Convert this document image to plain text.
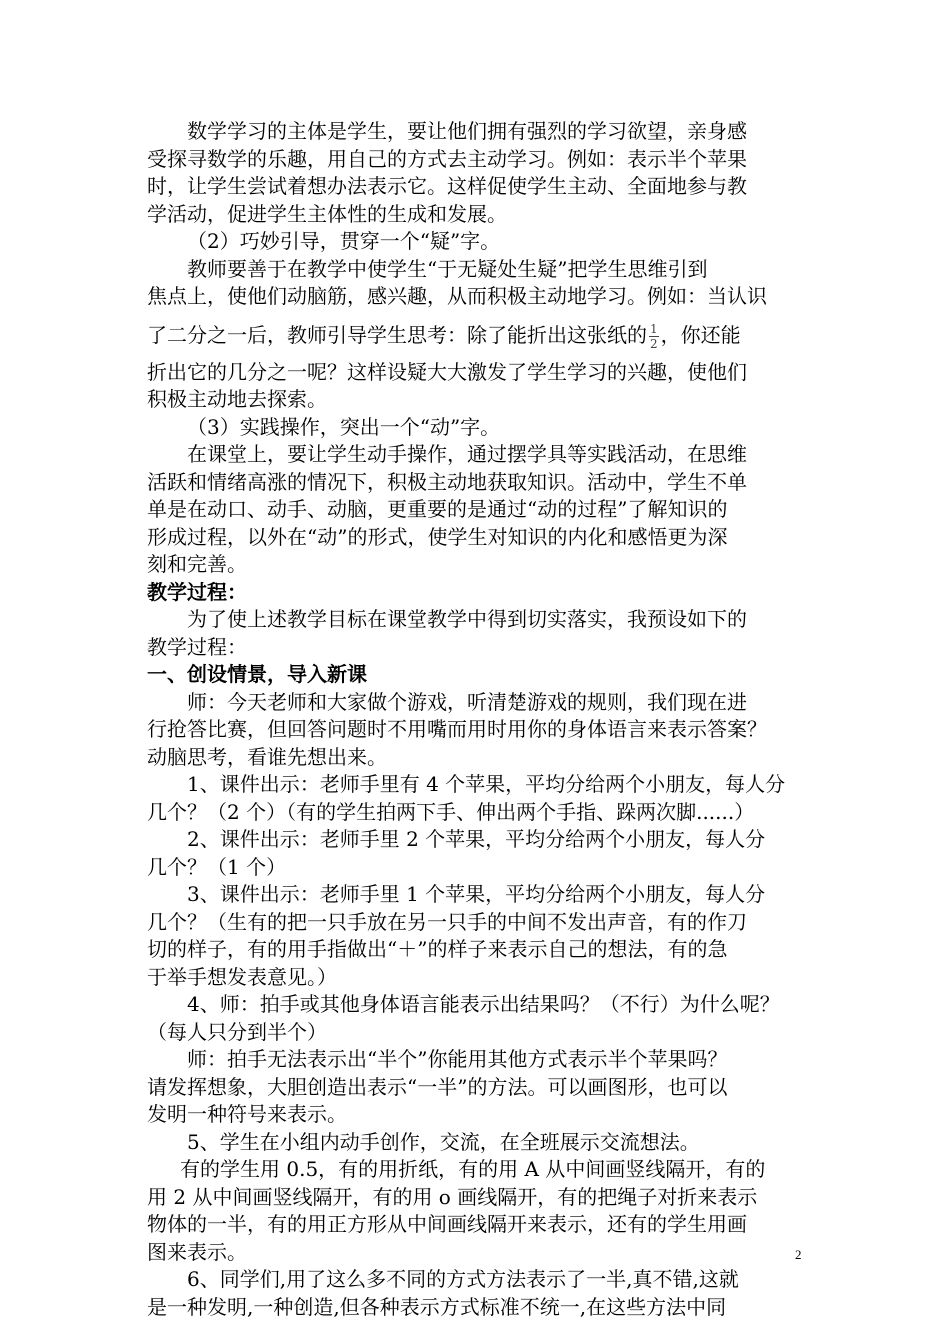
数学学习的主体是学生，要让他们拥有强烈的学习欲望，亲身感
受探寻数学的乐趣，用自己的方式去主动学习。例如：表示半个苹果
时，让学生尝试着想办法表示它。这样促使学生主动、全面地参与教
学活动，促进学生主体性的生成和发展。
（2）巧妙引导，贯穿一个“疑”字。
教师要善于在教学中使学生“于无疑处生疑”把学生思维引到
焦点上，使他们动脑筋，感兴趣，从而积极主动地学习。例如：当认识
了二分之一后，教师引导学生思考：除了能折出这张纸的 $\frac{1}{2}$ ，你还能
折出它的几分之一呢？这样设疑大大激发了学生学习的兴趣，使他们
积极主动地去探索。
（3）实践操作，突出一个“动”字。
在课堂上，要让学生动手操作，通过摆学具等实践活动，在思维
活跃和情绪高涨的情况下，积极主动地获取知识。活动中，学生不单
单是在动口、动手、动脑，更重要的是通过“动的过程”了解知识的
形成过程，以外在“动”的形式，使学生对知识的内化和感悟更为深
刻和完善。
教学过程：
为了使上述教学目标在课堂教学中得到切实落实，我预设如下的
教学过程：
一、创设情景，导入新课
师：今天老师和大家做个游戏，听清楚游戏的规则，我们现在进
行抢答比赛，但回答问题时不用嘴而用时用你的身体语言来表示答案？
动脑思考，看谁先想出来。
1、课件出示：老师手里有 4 个苹果，平均分给两个小朋友，每人分
几个？（2 个）（有的学生拍两下手、伸出两个手指、跺两次脚......）
2、课件出示：老师手里 2 个苹果，平均分给两个小朋友，每人分
几个？（1 个）
3、课件出示：老师手里 1 个苹果，平均分给两个小朋友，每人分
几个？（生有的把一只手放在另一只手的中间不发出声音，有的作刀
切的样子，有的用手指做出“＋”的样子来表示自己的想法，有的急
于举手想发表意见。）
4、师：拍手或其他身体语言能表示出结果吗？（不行）为什么呢？
（每人只分到半个）
师：拍手无法表示出“半个”你能用其他方式表示半个苹果吗？
请发挥想象，大胆创造出表示“一半”的方法。可以画图形，也可以
发明一种符号来表示。
5、学生在小组内动手创作，交流，在全班展示交流想法。
有的学生用 0.5，有的用折纸，有的用 A 从中间画竖线隔开，有的
用 2 从中间画竖线隔开，有的用 o 画线隔开，有的把绳子对折来表示
物体的一半，有的用正方形从中间画线隔开来表示，还有的学生用画
图来表示。
6、同学们,用了这么多不同的方式方法表示了一半,真不错,这就
是一种发明,一种创造,但各种表示方式标准不统一,在这些方法中同
2
